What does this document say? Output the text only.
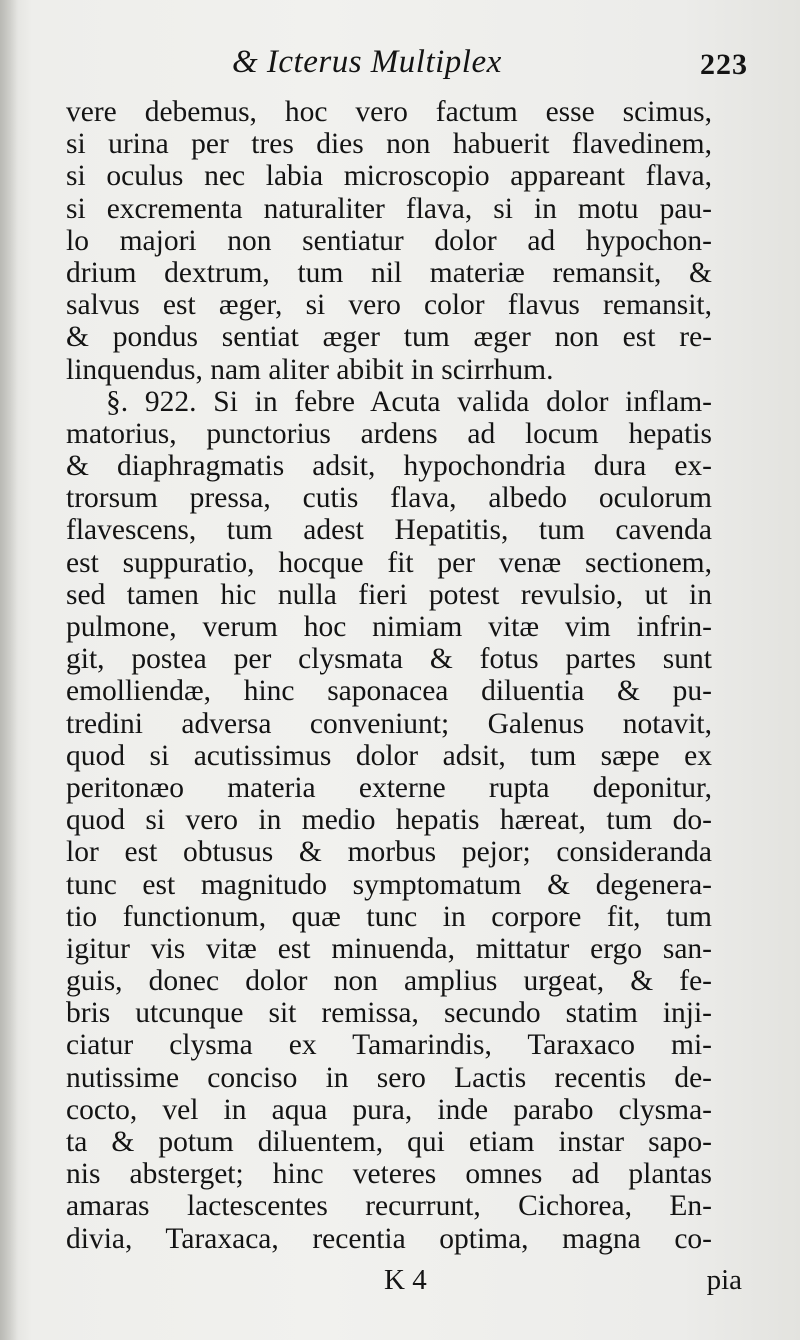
& Icterus Multiplex	223
vere debemus, hoc vero factum esse scimus,
si urina per tres dies non habuerit flavedinem,
si oculus nec labia microscopio appareant flava,
si excrementa naturaliter flava, si in motu pau-
lo majori non sentiatur dolor ad hypochon-
drium dextrum, tum nil materiæ remansit, &
salvus est æger, si vero color flavus remansit,
& pondus sentiat æger tum æger non est re-
linquendus, nam aliter abibit in scirrhum.
§. 922. Si in febre Acuta valida dolor inflam-
matorius, punctorius ardens ad locum hepatis
& diaphragmatis adsit, hypochondria dura ex-
trorsum pressa, cutis flava, albedo oculorum
flavescens, tum adest Hepatitis, tum cavenda
est suppuratio, hocque fit per venæ sectionem,
sed tamen hic nulla fieri potest revulsio, ut in
pulmone, verum hoc nimiam vitæ vim infrin-
git, postea per clysmata & fotus partes sunt
emolliendæ, hinc saponacea diluentia & pu-
tredini adversa conveniunt; Galenus notavit,
quod si acutissimus dolor adsit, tum sæpe ex
peritonæo materia externe rupta deponitur,
quod si vero in medio hepatis hæreat, tum do-
lor est obtusus & morbus pejor; considerandа
tunc est magnitudo symptomatum & degenera-
tio functionum, quæ tunc in corpore fit, tum
igitur vis vitæ est minuenda, mittatur ergo san-
guis, donec dolor non amplius urgeat, & fe-
bris utcunque sit remissa, secundo statim inji-
ciatur clysma ex Tamarindis, Taraxaco mi-
nutissime conciso in sero Lactis recentis de-
cocto, vel in aqua pura, inde parabo clysma-
ta & potum diluentem, qui etiam instar sapo-
nis absterget; hinc veteres omnes ad plantas
amaras lactescentes recurrunt, Cichorea, En-
divia, Taraxaca, recentia optima, magna co-
K 4	pia
